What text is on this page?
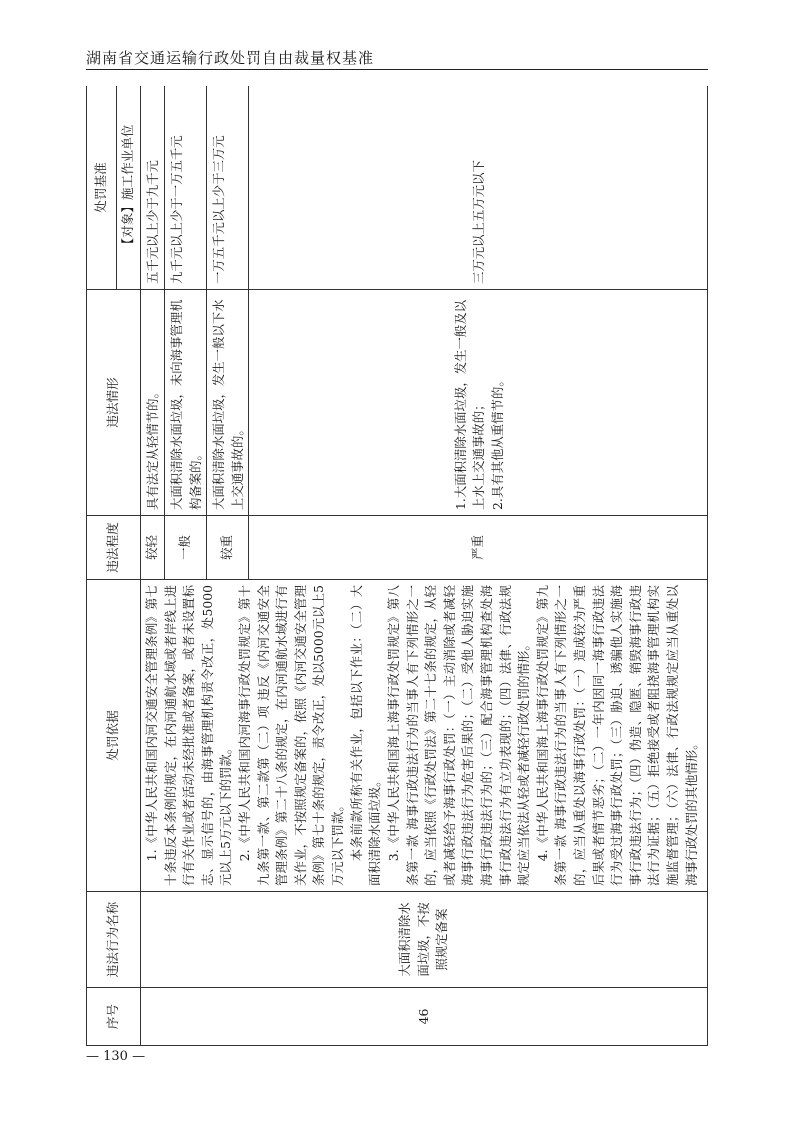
湖南省交通运输行政处罚自由裁量权基准
序号	违法行为名称	处罚依据	违法程度	违法情形	处罚基准
					【对象】施工作业单位
46	大面积清除水面垃圾，不按照规定备案	1.《中华人民共和国内河交通安全管理条例》第七十条违反本条例的规定，在内河通航水域或者岸线上进行有关作业或者活动未经批准或者备案，或者未设置标志、显示信号的，由海事管理机构责令改正，处5000元以上5万元以下的罚款。 2.《中华人民共和国内河海事行政处罚规定》第十九条第一款、第二款第（二）项 违反《内河交通安全管理条例》第二十八条的规定，在内河通航水域进行有关作业，不按照规定备案的，依照《内河交通安全管理条例》第七十条的规定，责令改正，处以5000元以上5万元以下罚款。 本条前款所称有关作业，包括以下作业：（二）大面积清除水面垃圾。 3.《中华人民共和国海上海事行政处罚规定》第八条第一款 海事行政违法行为的当事人有下列情形之一的，应当依照《行政处罚法》第二十七条的规定，从轻或者减轻给予海事行政处罚：（一）主动消除或者减轻海事行政违法行为危害后果的；（二）受他人胁迫实施海事行政违法行为的；（三）配合海事管理机构查处海事行政违法行为有立功表现的；（四）法律、行政法规规定应当依法从轻或者减轻行政处罚的情形。 4.《中华人民共和国海上海事行政处罚规定》第九条第一款 海事行政违法行为的当事人有下列情形之一的，应当从重处以海事行政处罚：（一）造成较为严重后果或者情节恶劣；（二）一年内因同一海事行政违法行为受过海事行政处罚；（三）胁迫、诱骗他人实施海事行政违法行为；（四）伪造、隐匿、销毁海事行政违法行为证据；（五）拒绝接受或者阻挠海事管理机构实施监督管理；（六）法律、行政法规规定应当从重处以海事行政处罚的其他情形。	较轻	具有法定从轻情节的。	五千元以上少于九千元
			一般	大面积清除水面垃圾，未向海事管理机构备案的。	九千元以上少于一万五千元
			较重	大面积清除水面垃圾，发生一般以下水上交通事故的。	一万五千元以上少于三万元
			严重	1.大面积清除水面垃圾，发生一般及以上水上交通事故的； 2.具有其他从重情节的。	三万元以上五万元以下
— 130 —
